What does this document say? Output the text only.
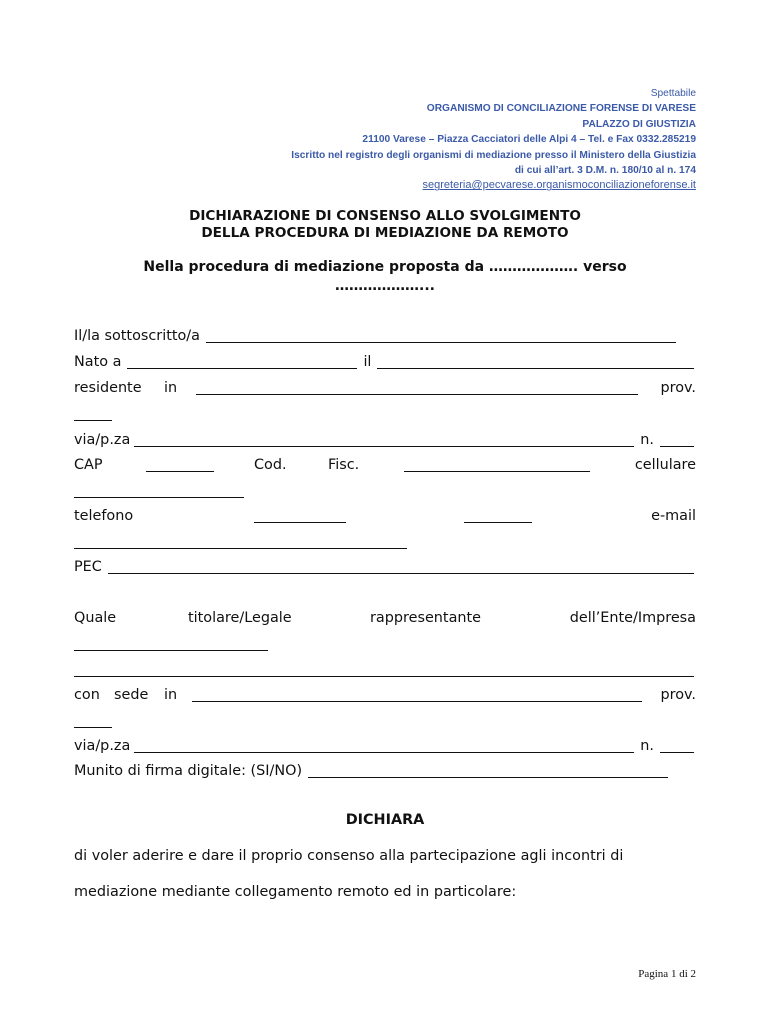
Spettabile
ORGANISMO DI CONCILIAZIONE FORENSE DI VARESE
PALAZZO DI GIUSTIZIA
21100 Varese – Piazza Cacciatori delle Alpi 4 – Tel. e Fax 0332.285219
Iscritto nel registro degli organismi di mediazione presso il Ministero della Giustizia
di cui all’art. 3 D.M. n. 180/10 al n. 174
segreteria@pecvarese.organismoconciliazioneforense.it
DICHIARAZIONE DI CONSENSO ALLO SVOLGIMENTO
DELLA PROCEDURA DI MEDIAZIONE DA REMOTO
Nella procedura di mediazione proposta da ………………. verso
………………...
Il/la sottoscritto/a
Nato a	il
residente in	prov.
via/p.za	n.
CAP	Cod.	Fisc.	cellulare
telefono	e-mail
PEC
Quale	titolare/Legale	rappresentante	dell’Ente/Impresa
con sede in	prov.
via/p.za	n.
Munito di firma digitale: (SI/NO)
DICHIARA
di voler aderire e dare il proprio consenso alla partecipazione agli incontri di
mediazione mediante collegamento remoto ed in particolare:
Pagina 1 di 2
